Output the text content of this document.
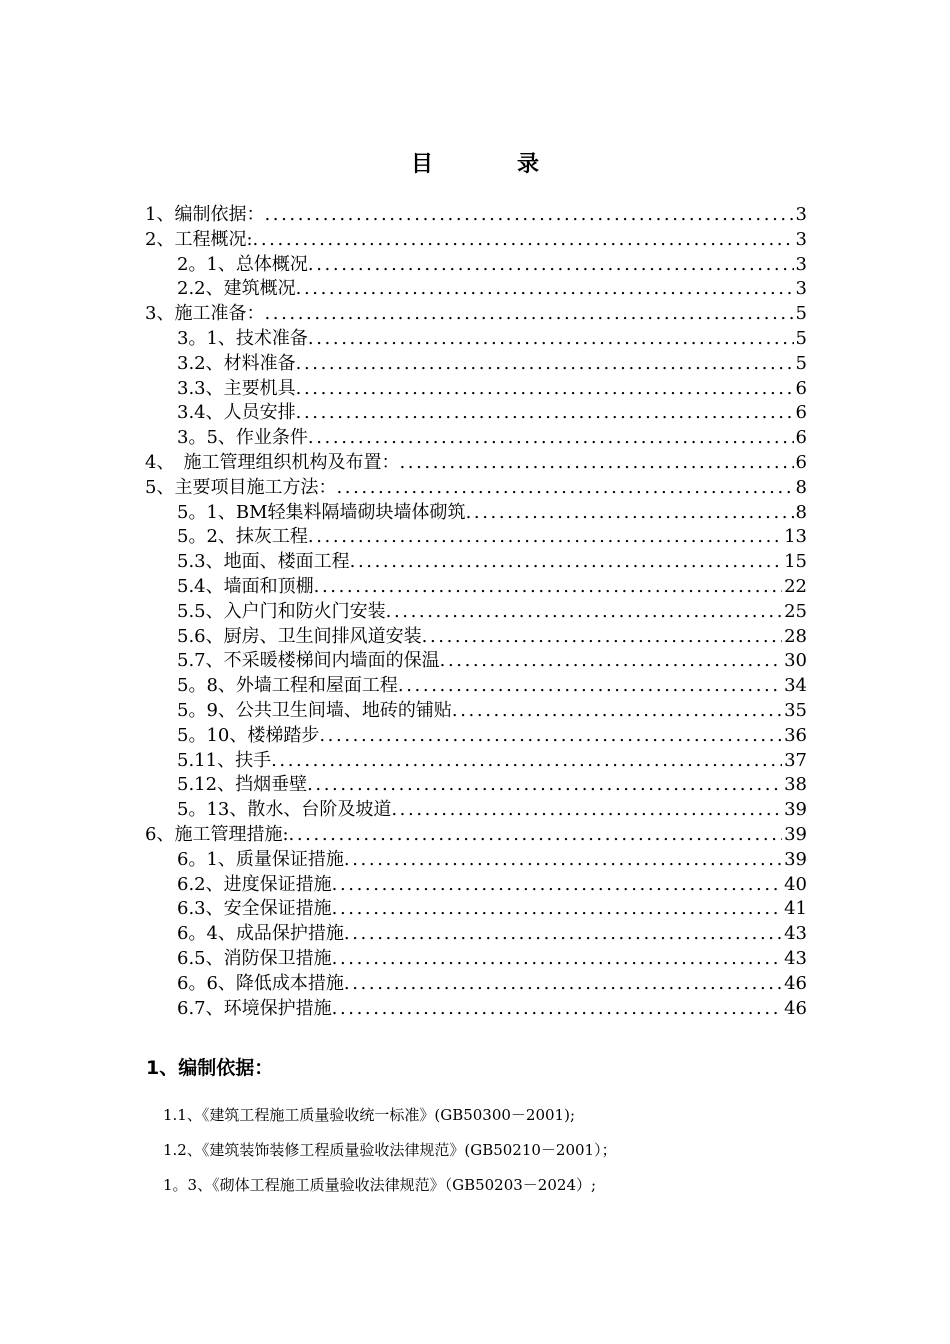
目	录
1、编制依据： .....	3
2、工程概况: .....	3
2。1、总体概况 .....	3
2.2、建筑概况 .....	3
3、施工准备： .....	5
3。1、技术准备 .....	5
3.2、材料准备 .....	5
3.3、主要机具 .....	6
3.4、人员安排 .....	6
3。5、作业条件 .....	6
4、　施工管理组织机构及布置： .....	6
5、主要项目施工方法： .....	8
5。1、BM轻集料隔墙砌块墙体砌筑 .....	8
5。2、抹灰工程 .....	13
5.3、地面、楼面工程 .....	15
5.4、墙面和顶棚 .....	22
5.5、入户门和防火门安装 .....	25
5.6、厨房、卫生间排风道安装 .....	28
5.7、不采暖楼梯间内墙面的保温 .....	30
5。8、外墙工程和屋面工程 .....	34
5。9、公共卫生间墙、地砖的铺贴 .....	35
5。10、楼梯踏步 .....	36
5.11、扶手 .....	37
5.12、挡烟垂壁 .....	38
5。13、散水、台阶及坡道 .....	39
6、施工管理措施: .....	39
6。1、质量保证措施 .....	39
6.2、进度保证措施 .....	40
6.3、安全保证措施 .....	41
6。4、成品保护措施 .....	43
6.5、消防保卫措施 .....	43
6。6、降低成本措施 .....	46
6.7、环境保护措施 .....	46
1、编制依据：
1.1、《建筑工程施工质量验收统一标准》(GB50300－2001);
1.2、《建筑装饰装修工程质量验收法律规范》(GB50210－2001）；
1。3、《砌体工程施工质量验收法律规范》（GB50203－2024）;
